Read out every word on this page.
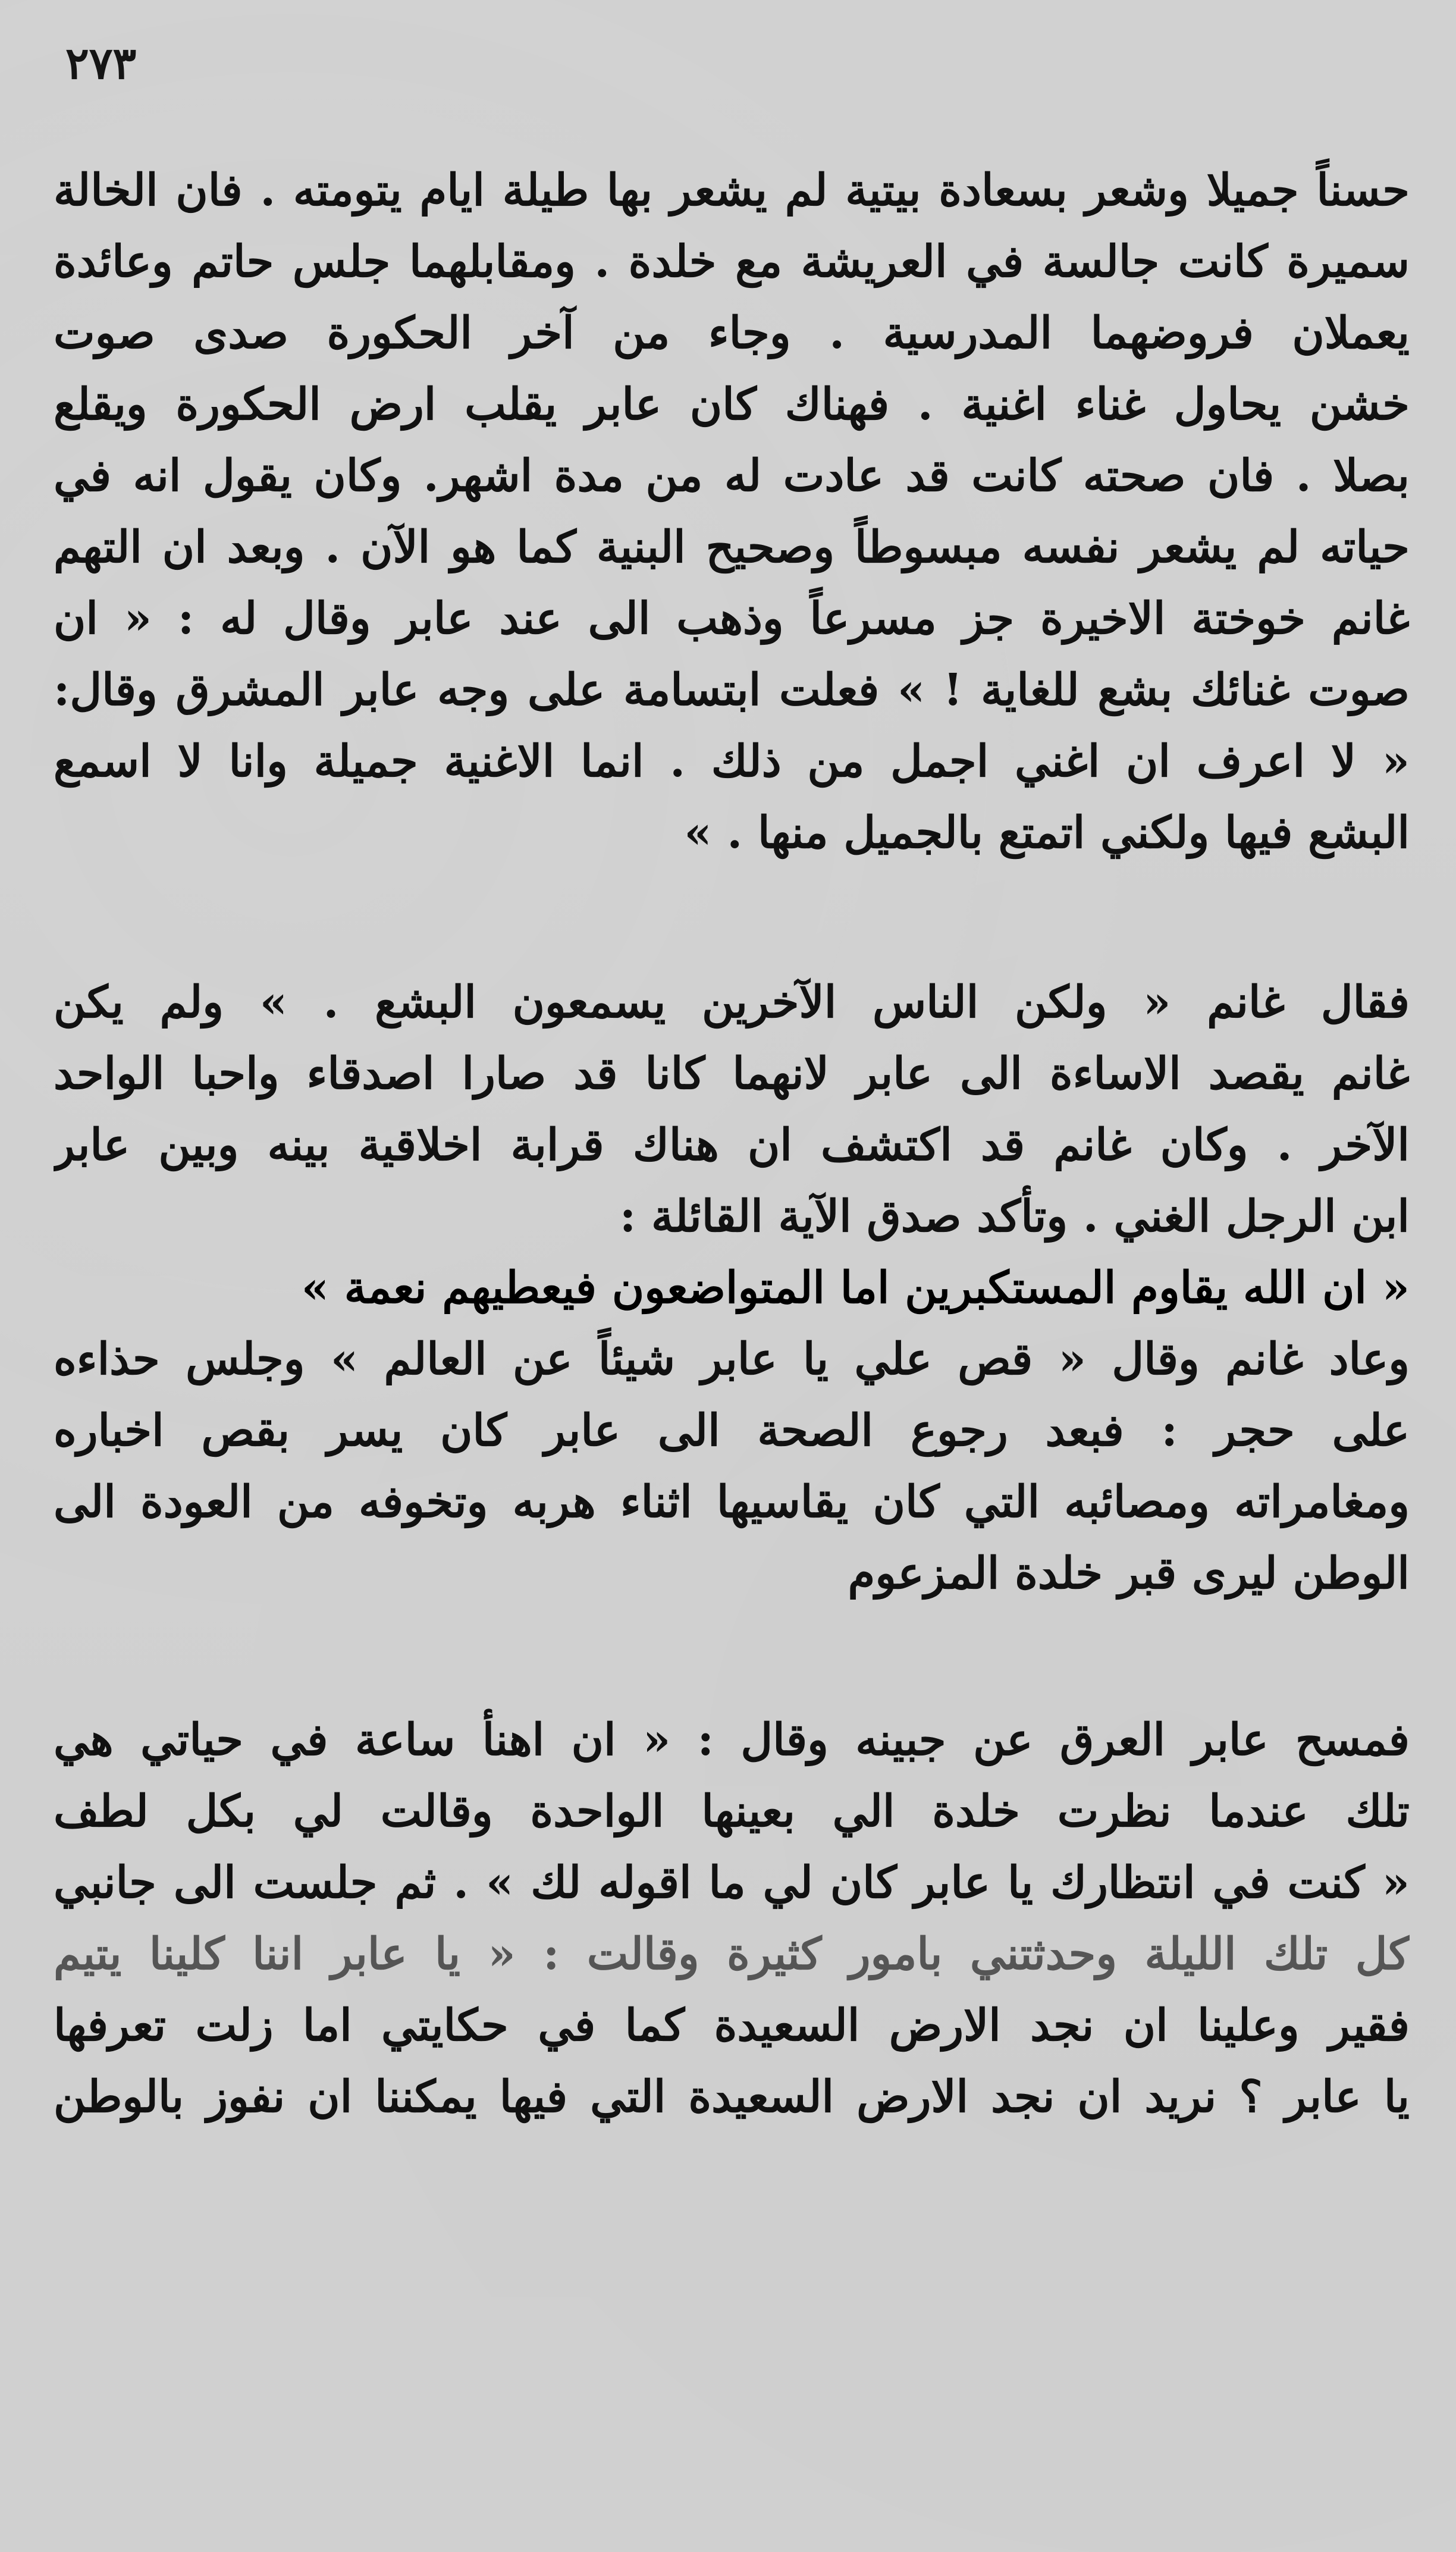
٢٧٣
حسناً جميلا وشعر بسعادة بيتية لم يشعر بها طيلة ايام يتومته . فان الخالة
سميرة كانت جالسة في العريشة مع خلدة . ومقابلهما جلس حاتم وعائدة
يعملان فروضهما المدرسية . وجاء من آخر الحكورة صدى صوت
خشن يحاول غناء اغنية . فهناك كان عابر يقلب ارض الحكورة ويقلع
بصلا . فان صحته كانت قد عادت له من مدة اشهر. وكان يقول انه في
حياته لم يشعر نفسه مبسوطاً وصحيح البنية كما هو الآن . وبعد ان التهم
غانم خوختة الاخيرة جز مسرعاً وذهب الى عند عابر وقال له : « ان
صوت غنائك بشع للغاية ! » فعلت ابتسامة على وجه عابر المشرق وقال:
« لا اعرف ان اغني اجمل من ذلك . انما الاغنية جميلة وانا لا اسمع
البشع فيها ولكني اتمتع بالجميل منها . »
فقال غانم « ولكن الناس الآخرين يسمعون البشع . » ولم يكن
غانم يقصد الاساءة الى عابر لانهما كانا قد صارا اصدقاء واحبا الواحد
الآخر . وكان غانم قد اكتشف ان هناك قرابة اخلاقية بينه وبين عابر
ابن الرجل الغني . وتأكد صدق الآية القائلة :
« ان الله يقاوم المستكبرين اما المتواضعون فيعطيهم نعمة »
وعاد غانم وقال « قص علي يا عابر شيئاً عن العالم » وجلس حذاءه
على حجر : فبعد رجوع الصحة الى عابر كان يسر بقص اخباره
ومغامراته ومصائبه التي كان يقاسيها اثناء هربه وتخوفه من العودة الى
الوطن ليرى قبر خلدة المزعوم
فمسح عابر العرق عن جبينه وقال : « ان اهنأ ساعة في حياتي هي
تلك عندما نظرت خلدة الي بعينها الواحدة وقالت لي بكل لطف
« كنت في انتظارك يا عابر كان لي ما اقوله لك » . ثم جلست الى جانبي
كل تلك الليلة وحدثتني بامور كثيرة وقالت : « يا عابر اننا كلينا يتيم
فقير وعلينا ان نجد الارض السعيدة كما في حكايتي اما زلت تعرفها
يا عابر ؟ نريد ان نجد الارض السعيدة التي فيها يمكننا ان نفوز بالوطن
